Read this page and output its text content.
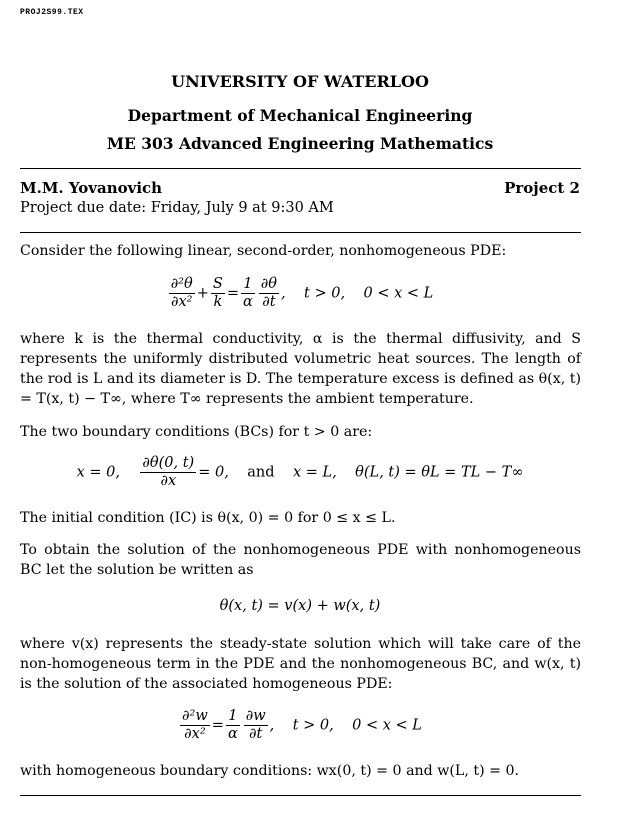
PROJ2S99.TEX
UNIVERSITY OF WATERLOO
Department of Mechanical Engineering
ME 303 Advanced Engineering Mathematics
M.M. Yovanovich	Project 2
Project due date: Friday, July 9 at 9:30 AM
Consider the following linear, second-order, nonhomogeneous PDE:
$\frac{\text{∂²θ}}{\text{∂x²}} + \frac{S}{k} = \frac{1}{\alpha} \frac{\partial\theta}{\partial t}$ ,    t > 0,    0 < x < L
where k is the thermal conductivity, α is the thermal diffusivity, and S represents the uniformly distributed volumetric heat sources. The length of the rod is L and its diameter is D. The temperature excess is defined as θ(x, t) = T(x, t) − T∞, where T∞ represents the ambient temperature.
The two boundary conditions (BCs) for t > 0 are:
x = 0, $\frac{\partial\theta(0, t)}{\partial x} = 0$, and x = L,    θ(L, t) = θL = TL − T∞
The initial condition (IC) is θ(x, 0) = 0 for 0 ≤ x ≤ L.
To obtain the solution of the nonhomogeneous PDE with nonhomogeneous BC let the solution be written as
θ(x, t) = v(x) + w(x, t)
where v(x) represents the steady-state solution which will take care of the non-homogeneous term in the PDE and the nonhomogeneous BC, and w(x, t) is the solution of the associated homogeneous PDE:
$\frac{\text{∂²w}}{\text{∂x²}} = \frac{1}{\alpha} \frac{\partial w}{\partial t}$ ,    t > 0,    0 < x < L
with homogeneous boundary conditions: wx(0, t) = 0 and w(L, t) = 0.
